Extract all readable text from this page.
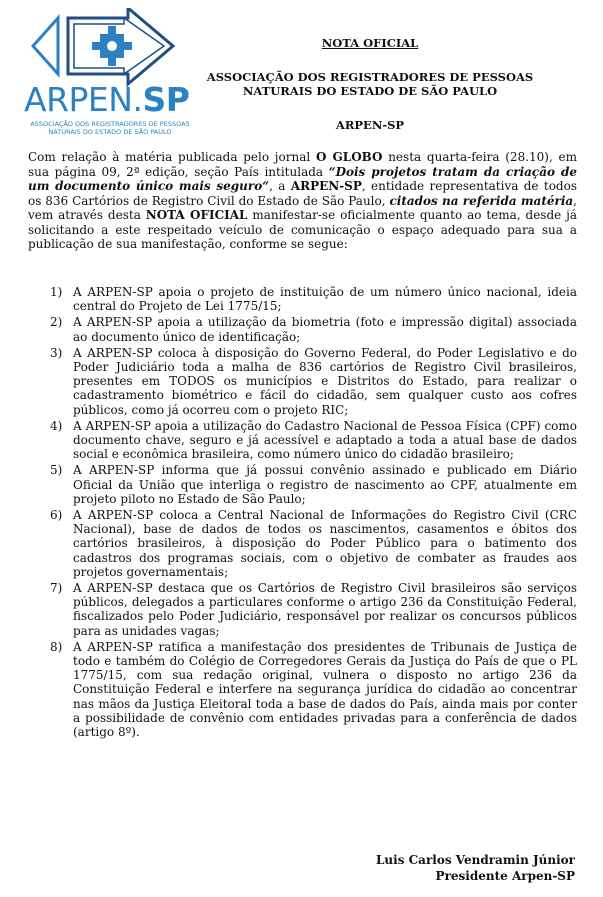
ARPEN.SP
ASSOCIAÇÃO DOS REGISTRADORES DE PESSOAS NATURAIS DO ESTADO DE SÃO PAULO
NOTA OFICIAL
ASSOCIAÇÃO DOS REGISTRADORES DE PESSOAS NATURAIS DO ESTADO DE SÃO PAULO
ARPEN-SP

Com relação à matéria publicada pelo jornal O GLOBO nesta quarta-feira (28.10), em sua página 09, 2ª edição, seção País intitulada “Dois projetos tratam da criação de um documento único mais seguro“, a ARPEN-SP, entidade representativa de todos os 836 Cartórios de Registro Civil do Estado de São Paulo, citados na referida matéria, vem através desta NOTA OFICIAL manifestar-se oficialmente quanto ao tema, desde já solicitando a este respeitado veículo de comunicação o espaço adequado para sua a publicação de sua manifestação, conforme se segue:

1) A ARPEN-SP apoia o projeto de instituição de um número único nacional, ideia central do Projeto de Lei 1775/15;
2) A ARPEN-SP apoia a utilização da biometria (foto e impressão digital) associada ao documento único de identificação;
3) A ARPEN-SP coloca à disposição do Governo Federal, do Poder Legislativo e do Poder Judiciário toda a malha de 836 cartórios de Registro Civil brasileiros, presentes em TODOS os municípios e Distritos do Estado, para realizar o cadastramento biométrico e fácil do cidadão, sem qualquer custo aos cofres públicos, como já ocorreu com o projeto RIC;
4) A ARPEN-SP apoia a utilização do Cadastro Nacional de Pessoa Física (CPF) como documento chave, seguro e já acessível e adaptado a toda a atual base de dados social e econômica brasileira, como número único do cidadão brasileiro;
5) A ARPEN-SP informa que já possui convênio assinado e publicado em Diário Oficial da União que interliga o registro de nascimento ao CPF, atualmente em projeto piloto no Estado de São Paulo;
6) A ARPEN-SP coloca a Central Nacional de Informações do Registro Civil (CRC Nacional), base de dados de todos os nascimentos, casamentos e óbitos dos cartórios brasileiros, à disposição do Poder Público para o batimento dos cadastros dos programas sociais, com o objetivo de combater as fraudes aos projetos governamentais;
7) A ARPEN-SP destaca que os Cartórios de Registro Civil brasileiros são serviços públicos, delegados a particulares conforme o artigo 236 da Constituição Federal, fiscalizados pelo Poder Judiciário, responsável por realizar os concursos públicos para as unidades vagas;
8) A ARPEN-SP ratifica a manifestação dos presidentes de Tribunais de Justiça de todo e também do Colégio de Corregedores Gerais da Justiça do País de que o PL 1775/15, com sua redação original, vulnera o disposto no artigo 236 da Constituição Federal e interfere na segurança jurídica do cidadão ao concentrar nas mãos da Justiça Eleitoral toda a base de dados do País, ainda mais por conter a possibilidade de convênio com entidades privadas para a conferência de dados (artigo 8º).
Luis Carlos Vendramin Júnior
Presidente Arpen-SP
